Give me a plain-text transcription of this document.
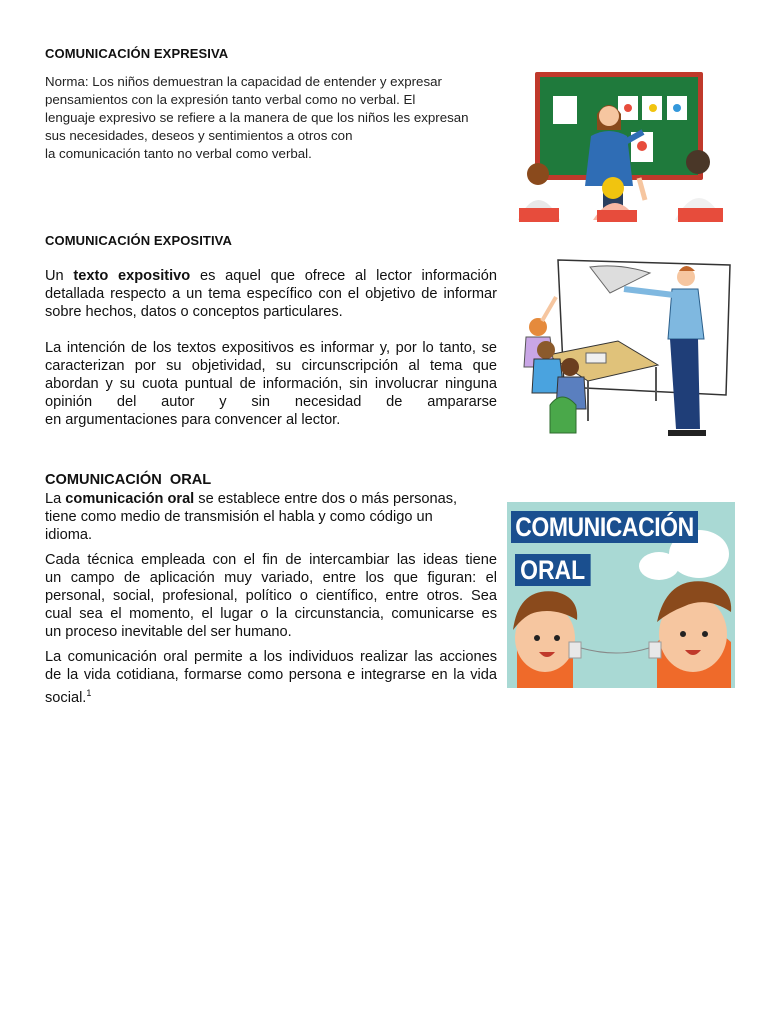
COMUNICACIÓN EXPRESIVA
Norma: Los niños demuestran la capacidad de entender y expresar
pensamientos con la expresión tanto verbal como no verbal. El
lenguaje expresivo se refiere a la manera de que los niños les expresan
sus necesidades, deseos y sentimientos a otros con
la comunicación tanto no verbal como verbal.
COMUNICACIÓN EXPOSITIVA
Un texto expositivo es aquel que ofrece al lector información
detallada respecto a un tema específico con el objetivo de informar
sobre hechos, datos o conceptos particulares.
La intención de los textos expositivos es informar y, por lo tanto, se
caracterizan por su objetividad, su circunscripción al tema que
abordan y su cuota puntual de información, sin involucrar ninguna
opinión del autor y sin necesidad de ampararse
en argumentaciones para convencer al lector.
COMUNICACIÓN  ORAL
La comunicación oral se establece entre dos o más personas,
tiene como medio de transmisión el habla y como código un
idioma.
Cada técnica empleada con el fin de intercambiar las ideas tiene
un campo de aplicación muy variado, entre los que figuran: el
personal, social, profesional, político o científico, entre otros. Sea
cual sea el momento, el lugar o la circunstancia, comunicarse es
un proceso inevitable del ser humano.
La comunicación oral permite a los individuos realizar las acciones
de la vida cotidiana, formarse como persona e integrarse en la vida
social.$^1$
COMUNICACIÓN
ORAL
